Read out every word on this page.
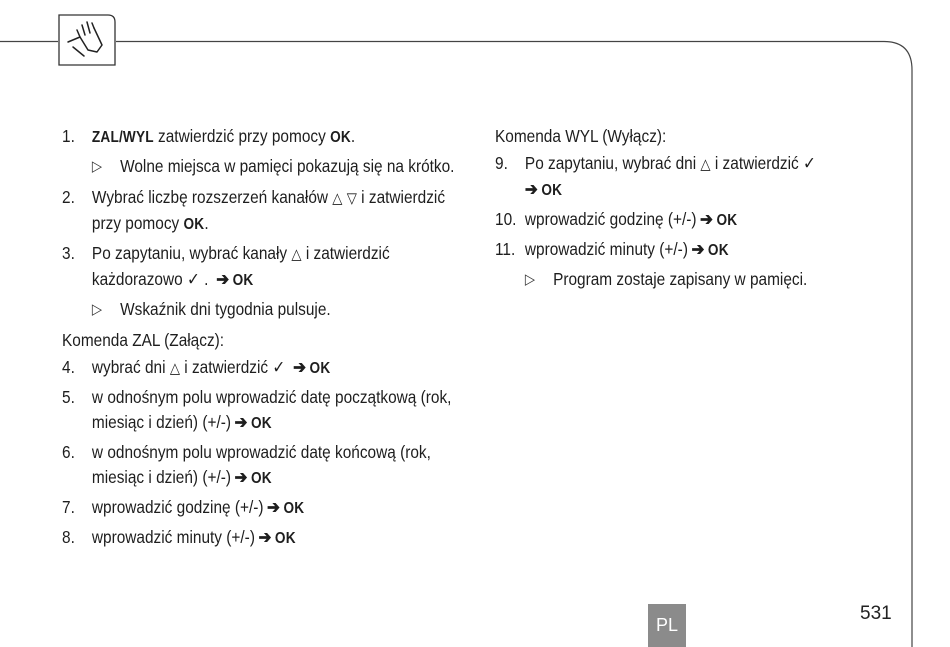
1.	ZAL/WYL zatwierdzić przy pomocy OK.
▷	Wolne miejsca w pamięci pokazują się na krótko.
2. Wybrać liczbę rozszerzeń kanałów △ ▽ i zatwierdzić przy pomocy OK.
3. Po zapytaniu, wybrać kanały △ i zatwierdzić każdorazowo ✓ . ➔ OK
▷	Wskaźnik dni tygodnia pulsuje.
Komenda ZAL (Załącz):
4. wybrać dni △ i zatwierdzić ✓ ➔ OK
5. w odnośnym polu wprowadzić datę początkową (rok, miesiąc i dzień) (+/-) ➔ OK
6. w odnośnym polu wprowadzić datę końcową (rok, miesiąc i dzień) (+/-) ➔ OK
7. wprowadzić godzinę (+/-) ➔ OK
8. wprowadzić minuty (+/-) ➔ OK
Komenda WYL (Wyłącz):
9. Po zapytaniu, wybrać dni △ i zatwierdzić ✓
➔ OK
10. wprowadzić godzinę (+/-) ➔ OK
11. wprowadzić minuty (+/-) ➔ OK
▷	Program zostaje zapisany w pamięci.
PL
531
